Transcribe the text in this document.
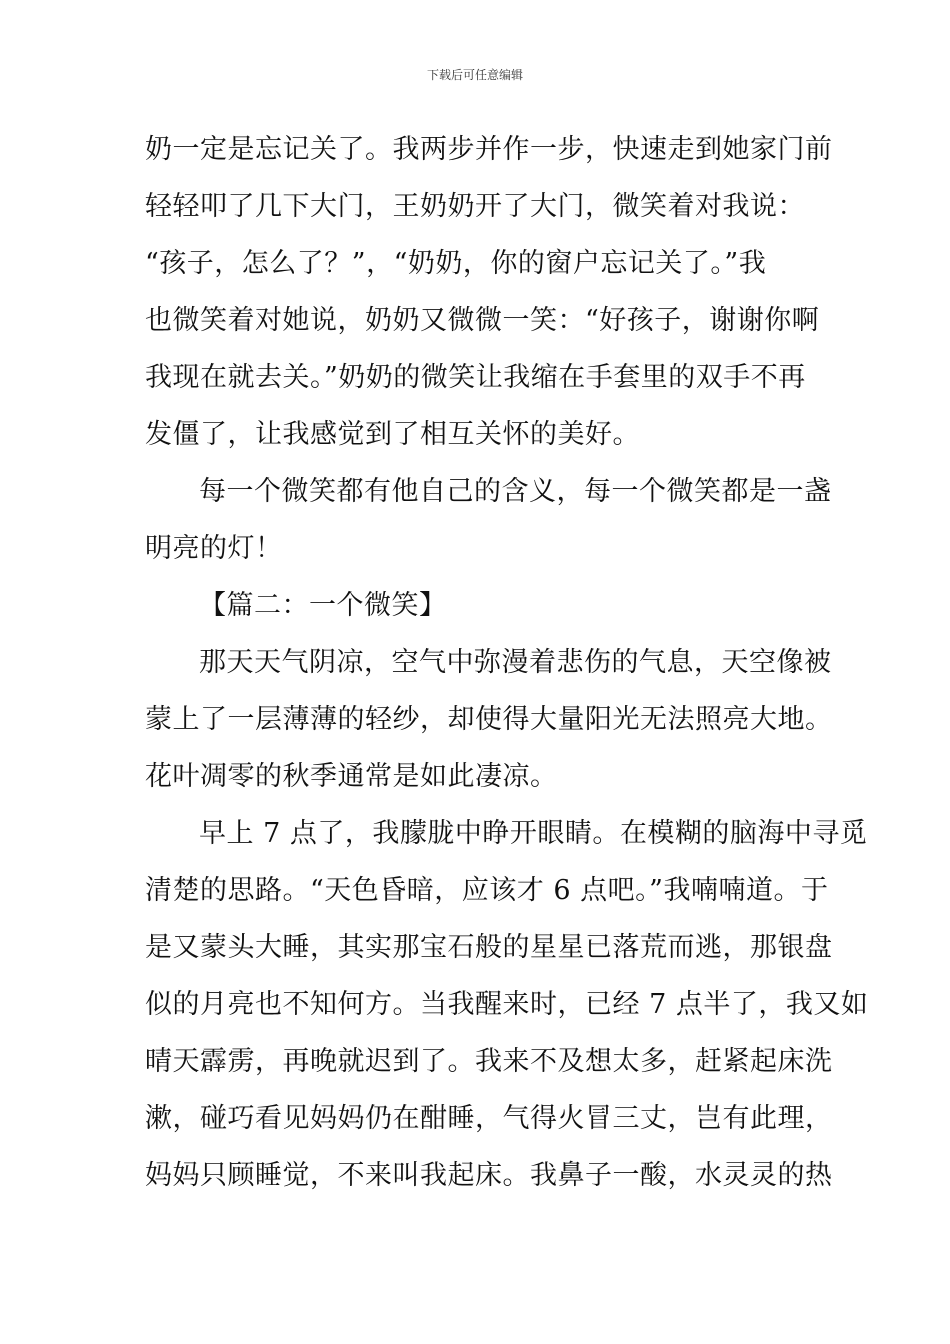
下载后可任意编辑
奶一定是忘记关了。我两步并作一步，快速走到她家门前
轻轻叩了几下大门，王奶奶开了大门，微笑着对我说：
“孩子，怎么了？”，“奶奶，你的窗户忘记关了。”我
也微笑着对她说，奶奶又微微一笑：“好孩子，谢谢你啊
我现在就去关。”奶奶的微笑让我缩在手套里的双手不再
发僵了，让我感觉到了相互关怀的美好。
每一个微笑都有他自己的含义，每一个微笑都是一盏
明亮的灯！
【篇二：一个微笑】
那天天气阴凉，空气中弥漫着悲伤的气息，天空像被
蒙上了一层薄薄的轻纱，却使得大量阳光无法照亮大地。
花叶凋零的秋季通常是如此凄凉。
早上 7 点了，我朦胧中睁开眼睛。在模糊的脑海中寻觅
清楚的思路。“天色昏暗，应该才 6 点吧。”我喃喃道。于
是又蒙头大睡，其实那宝石般的星星已落荒而逃，那银盘
似的月亮也不知何方。当我醒来时，已经 7 点半了，我又如
晴天霹雳，再晚就迟到了。我来不及想太多，赶紧起床洗
漱，碰巧看见妈妈仍在酣睡，气得火冒三丈，岂有此理，
妈妈只顾睡觉，不来叫我起床。我鼻子一酸，水灵灵的热
